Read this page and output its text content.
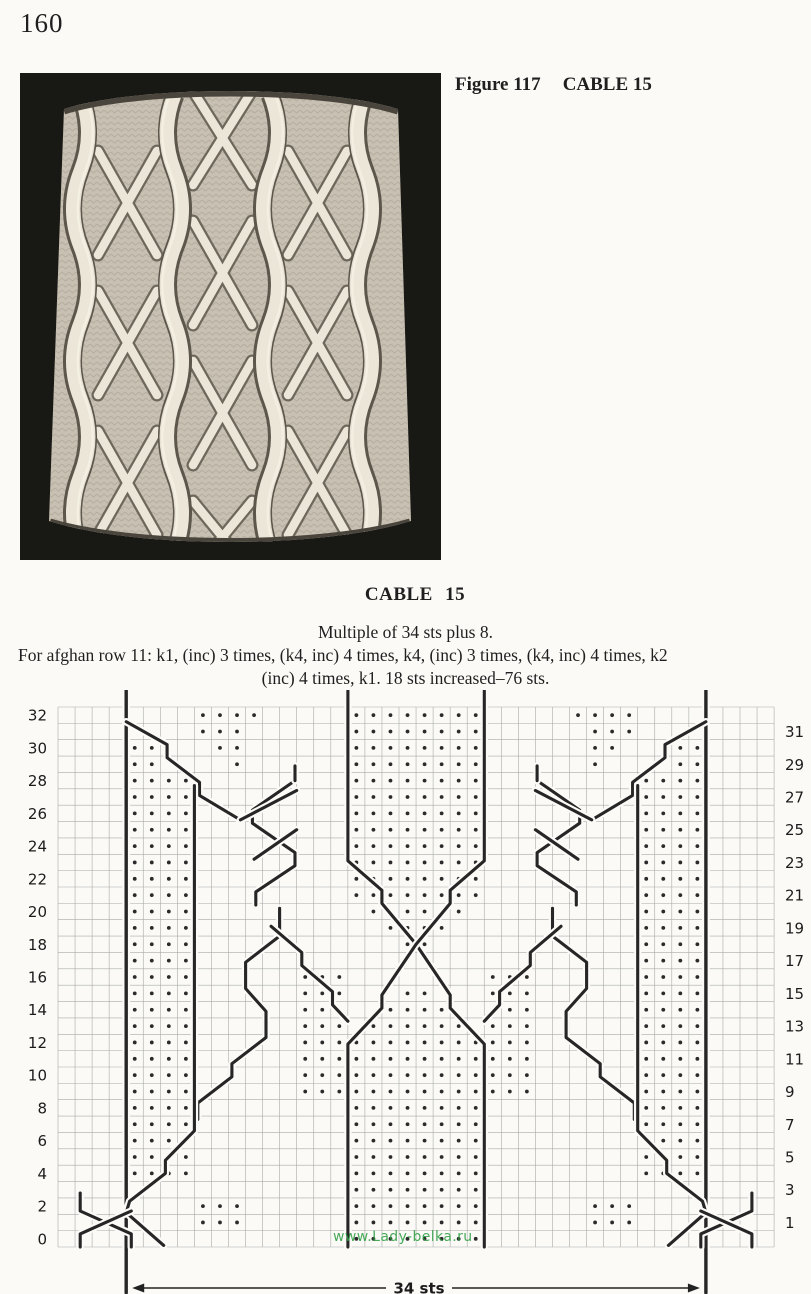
160
Figure 117 CABLE 15
CABLE 15
Multiple of 34 sts plus 8.
For afghan row 11: k1, (inc) 3 times, (k4, inc) 4 times, k4, (inc) 3 times, (k4, inc) 4 times, k2
(inc) 4 times, k1. 18 sts increased–76 sts.
32
30
28
26
24
22
20
18
16
14
12
10
8
6
4
2
0
31
29
27
25
23
21
19
17
15
13
11
9
7
5
3
1
34 sts
www.Lady-belka.ru
